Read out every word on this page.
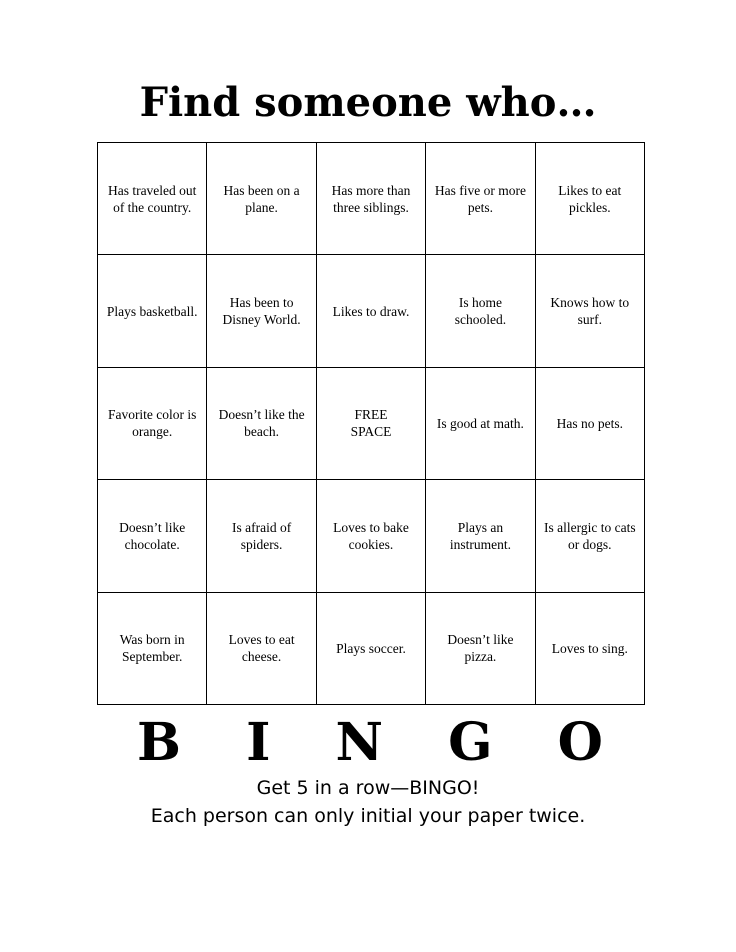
Find someone who…
Has traveled out of the country.
Has been on a plane.
Has more than three siblings.
Has five or more pets.
Likes to eat pickles.
Plays basketball.
Has been to Disney World.
Likes to draw.
Is home schooled.
Knows how to surf.
Favorite color is orange.
Doesn’t like the beach.
FREE SPACE
Is good at math. Has no pets.
Doesn’t like chocolate.
Is afraid of spiders.
Loves to bake cookies.
Plays an instrument.
Is allergic to cats or dogs.
Was born in September.
Loves to eat cheese.
Plays soccer.
Doesn’t like pizza.
Loves to sing.
B I N G O

Get 5 in a row—BINGO!

Each person can only initial your paper twice.
